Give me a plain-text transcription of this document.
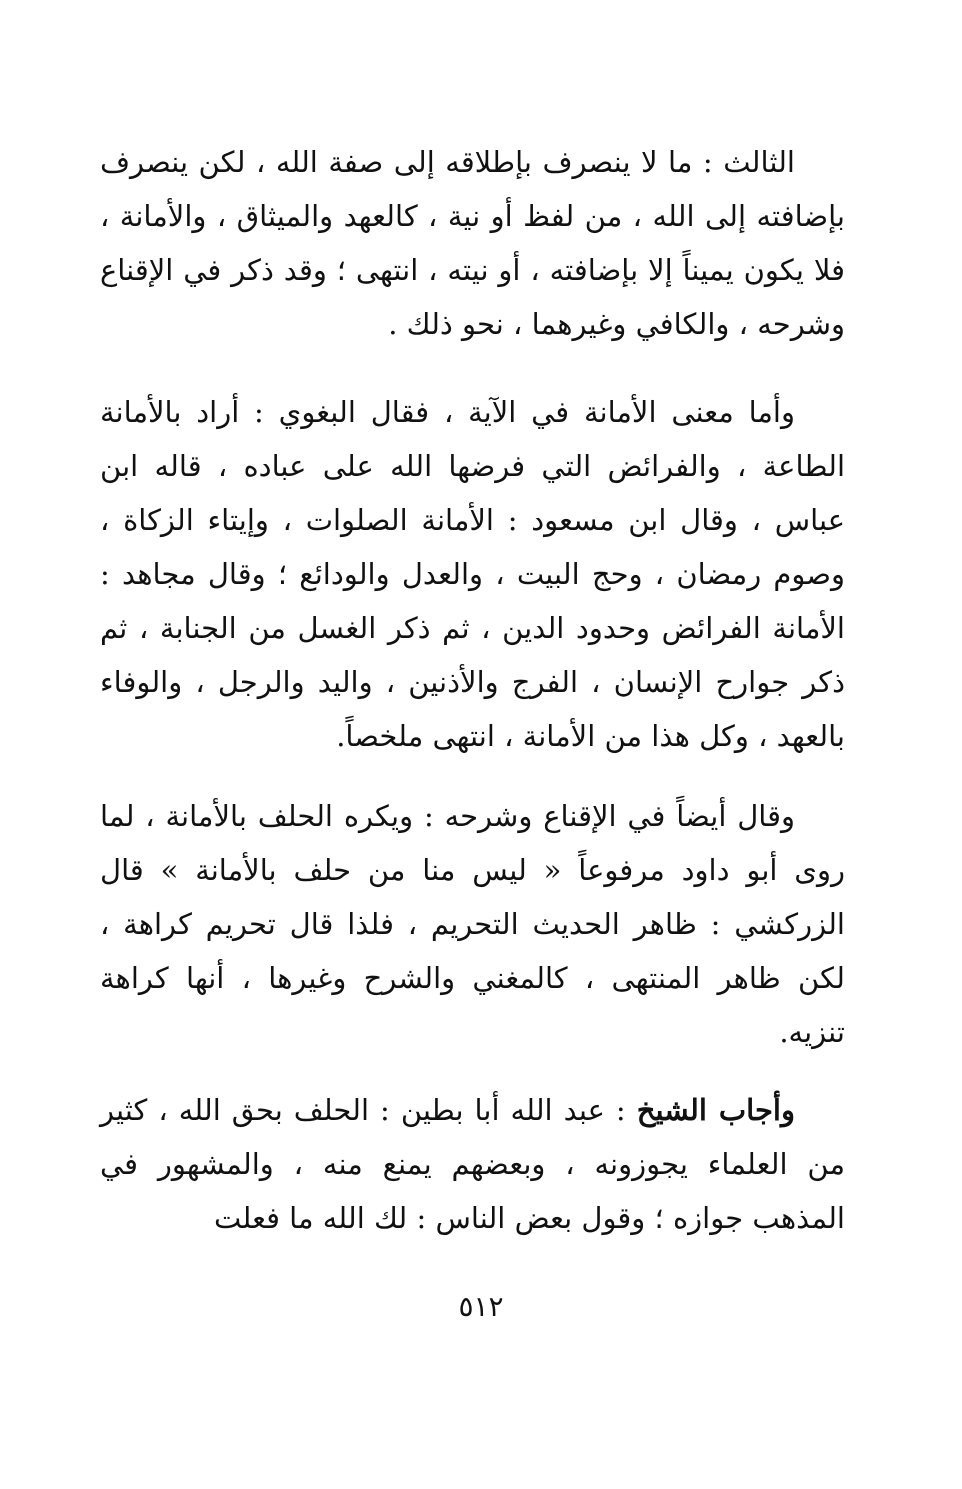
الثالث : ما لا ينصرف بإطلاقه إلى صفة الله ، لكن ينصرف بإضافته إلى الله ، من لفظ أو نية ، كالعهد والميثاق ، والأمانة ، فلا يكون يميناً إلا بإضافته ، أو نيته ، انتهى ؛ وقد ذكر في الإقناع وشرحه ، والكافي وغيرهما ، نحو ذلك .

وأما معنى الأمانة في الآية ، فقال البغوي : أراد بالأمانة الطاعة ، والفرائض التي فرضها الله على عباده ، قاله ابن عباس ، وقال ابن مسعود : الأمانة الصلوات ، وإيتاء الزكاة ، وصوم رمضان ، وحج البيت ، والعدل والودائع ؛ وقال مجاهد : الأمانة الفرائض وحدود الدين ، ثم ذكر الغسل من الجنابة ، ثم ذكر جوارح الإنسان ، الفرج والأذنين ، واليد والرجل ، والوفاء بالعهد ، وكل هذا من الأمانة ، انتهى ملخصاً.

وقال أيضاً في الإقناع وشرحه : ويكره الحلف بالأمانة ، لما روى أبو داود مرفوعاً « ليس منا من حلف بالأمانة » قال الزركشي : ظاهر الحديث التحريم ، فلذا قال تحريم كراهة ، لكن ظاهر المنتهى ، كالمغني والشرح وغيرها ، أنها كراهة تنزيه.

وأجاب الشيخ : عبد الله أبا بطين : الحلف بحق الله ، كثير من العلماء يجوزونه ، وبعضهم يمنع منه ، والمشهور في المذهب جوازه ؛ وقول بعض الناس : لك الله ما فعلت

٥١٢
